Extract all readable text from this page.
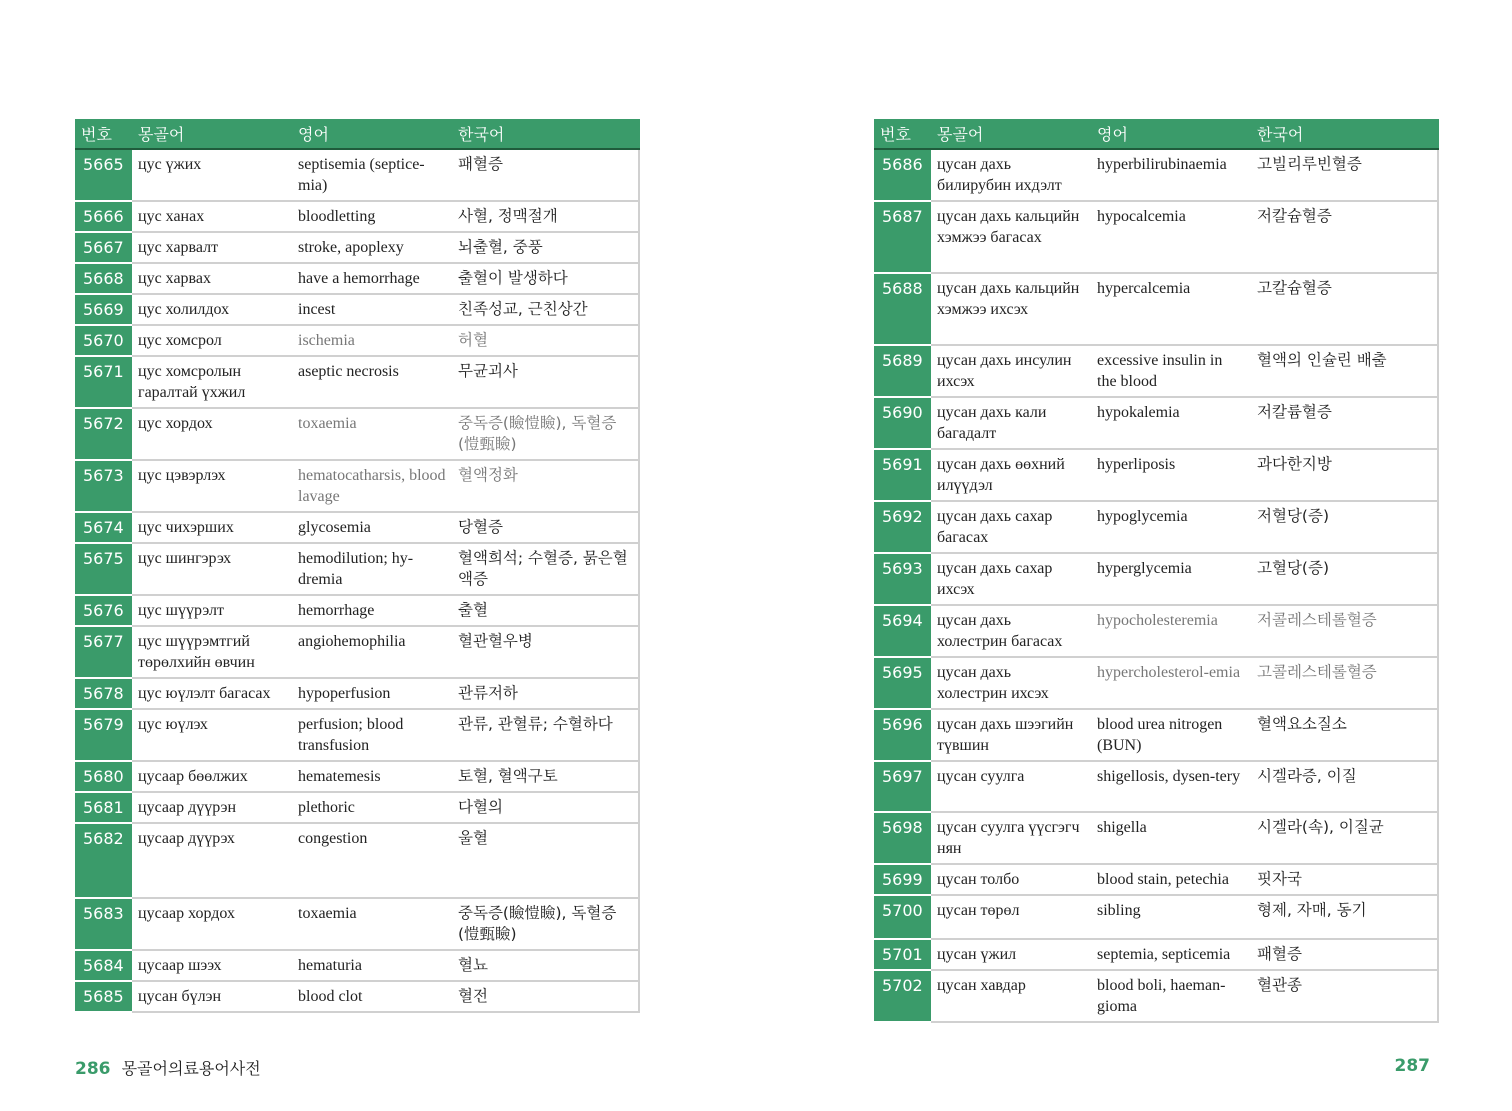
번호	몽골어	영어	한국어
5665	цус үжих	septisemia (septice-mia)	패혈증
5666	цус ханах	bloodletting	사혈, 정맥절개
5667	цус харвалт	stroke, apoplexy	뇌출혈, 중풍
5668	цус харвах	have a hemorrhage	출혈이 발생하다
5669	цус холилдох	incest	친족성교, 근친상간
5670	цус хомсрол	ischemia	허혈
5671	цус хомсролын гаралтай үхжил	aseptic necrosis	무균괴사
5672	цус хордох	toxaemia	중독증(瞼愷瞼), 독혈증(愷甄瞼)
5673	цус цэвэрлэх	hematocatharsis, blood lavage	혈액정화
5674	цус чихэрших	glycosemia	당혈증
5675	цус шингэрэх	hemodilution; hy-dremia	혈액희석; 수혈증, 묽은혈액증
5676	цус шүүрэлт	hemorrhage	출혈
5677	цус шүүрэмтгий төрөлхийн өвчин	angiohemophilia	혈관혈우병
5678	цус юүлэлт багасах	hypoperfusion	관류저하
5679	цус юүлэх	perfusion; blood transfusion	관류, 관혈류; 수혈하다
5680	цусаар бөөлжих	hematemesis	토혈, 혈액구토
5681	цусаар дүүрэн	plethoric	다혈의
5682	цусаар дүүрэх	congestion	울혈
5683	цусаар хордох	toxaemia	중독증(瞼愷瞼), 독혈증(愷甄瞼)
5684	цусаар шээх	hematuria	혈뇨
5685	цусан бүлэн	blood clot	혈전
번호	몽골어	영어	한국어
5686	цусан дахь билирубин ихдэлт	hyperbilirubinaemia	고빌리루빈혈증
5687	цусан дахь кальцийн хэмжээ багасах	hypocalcemia	저칼슘혈증
5688	цусан дахь кальцийн хэмжээ ихсэх	hypercalcemia	고칼슘혈증
5689	цусан дахь инсулин ихсэх	excessive insulin in the blood	혈액의 인슐린 배출
5690	цусан дахь кали багадалт	hypokalemia	저칼륨혈증
5691	цусан дахь өөхний илүүдэл	hyperliposis	과다한지방
5692	цусан дахь сахар багасах	hypoglycemia	저혈당(증)
5693	цусан дахь сахар ихсэх	hyperglycemia	고혈당(증)
5694	цусан дахь холестрин багасах	hypocholesteremia	저콜레스테롤혈증
5695	цусан дахь холестрин ихсэх	hypercholesterol-emia	고콜레스테롤혈증
5696	цусан дахь шээгийн түвшин	blood urea nitrogen (BUN)	혈액요소질소
5697	цусан суулга	shigellosis, dysen-tery	시겔라증, 이질
5698	цусан суулга үүсгэгч нян	shigella	시겔라(속), 이질균
5699	цусан толбо	blood stain, petechia	핏자국
5700	цусан төрөл	sibling	형제, 자매, 동기
5701	цусан үжил	septemia, septicemia	패혈증
5702	цусан хавдар	blood boli, haeman-gioma	혈관종
286 몽골어의료용어사전	287
